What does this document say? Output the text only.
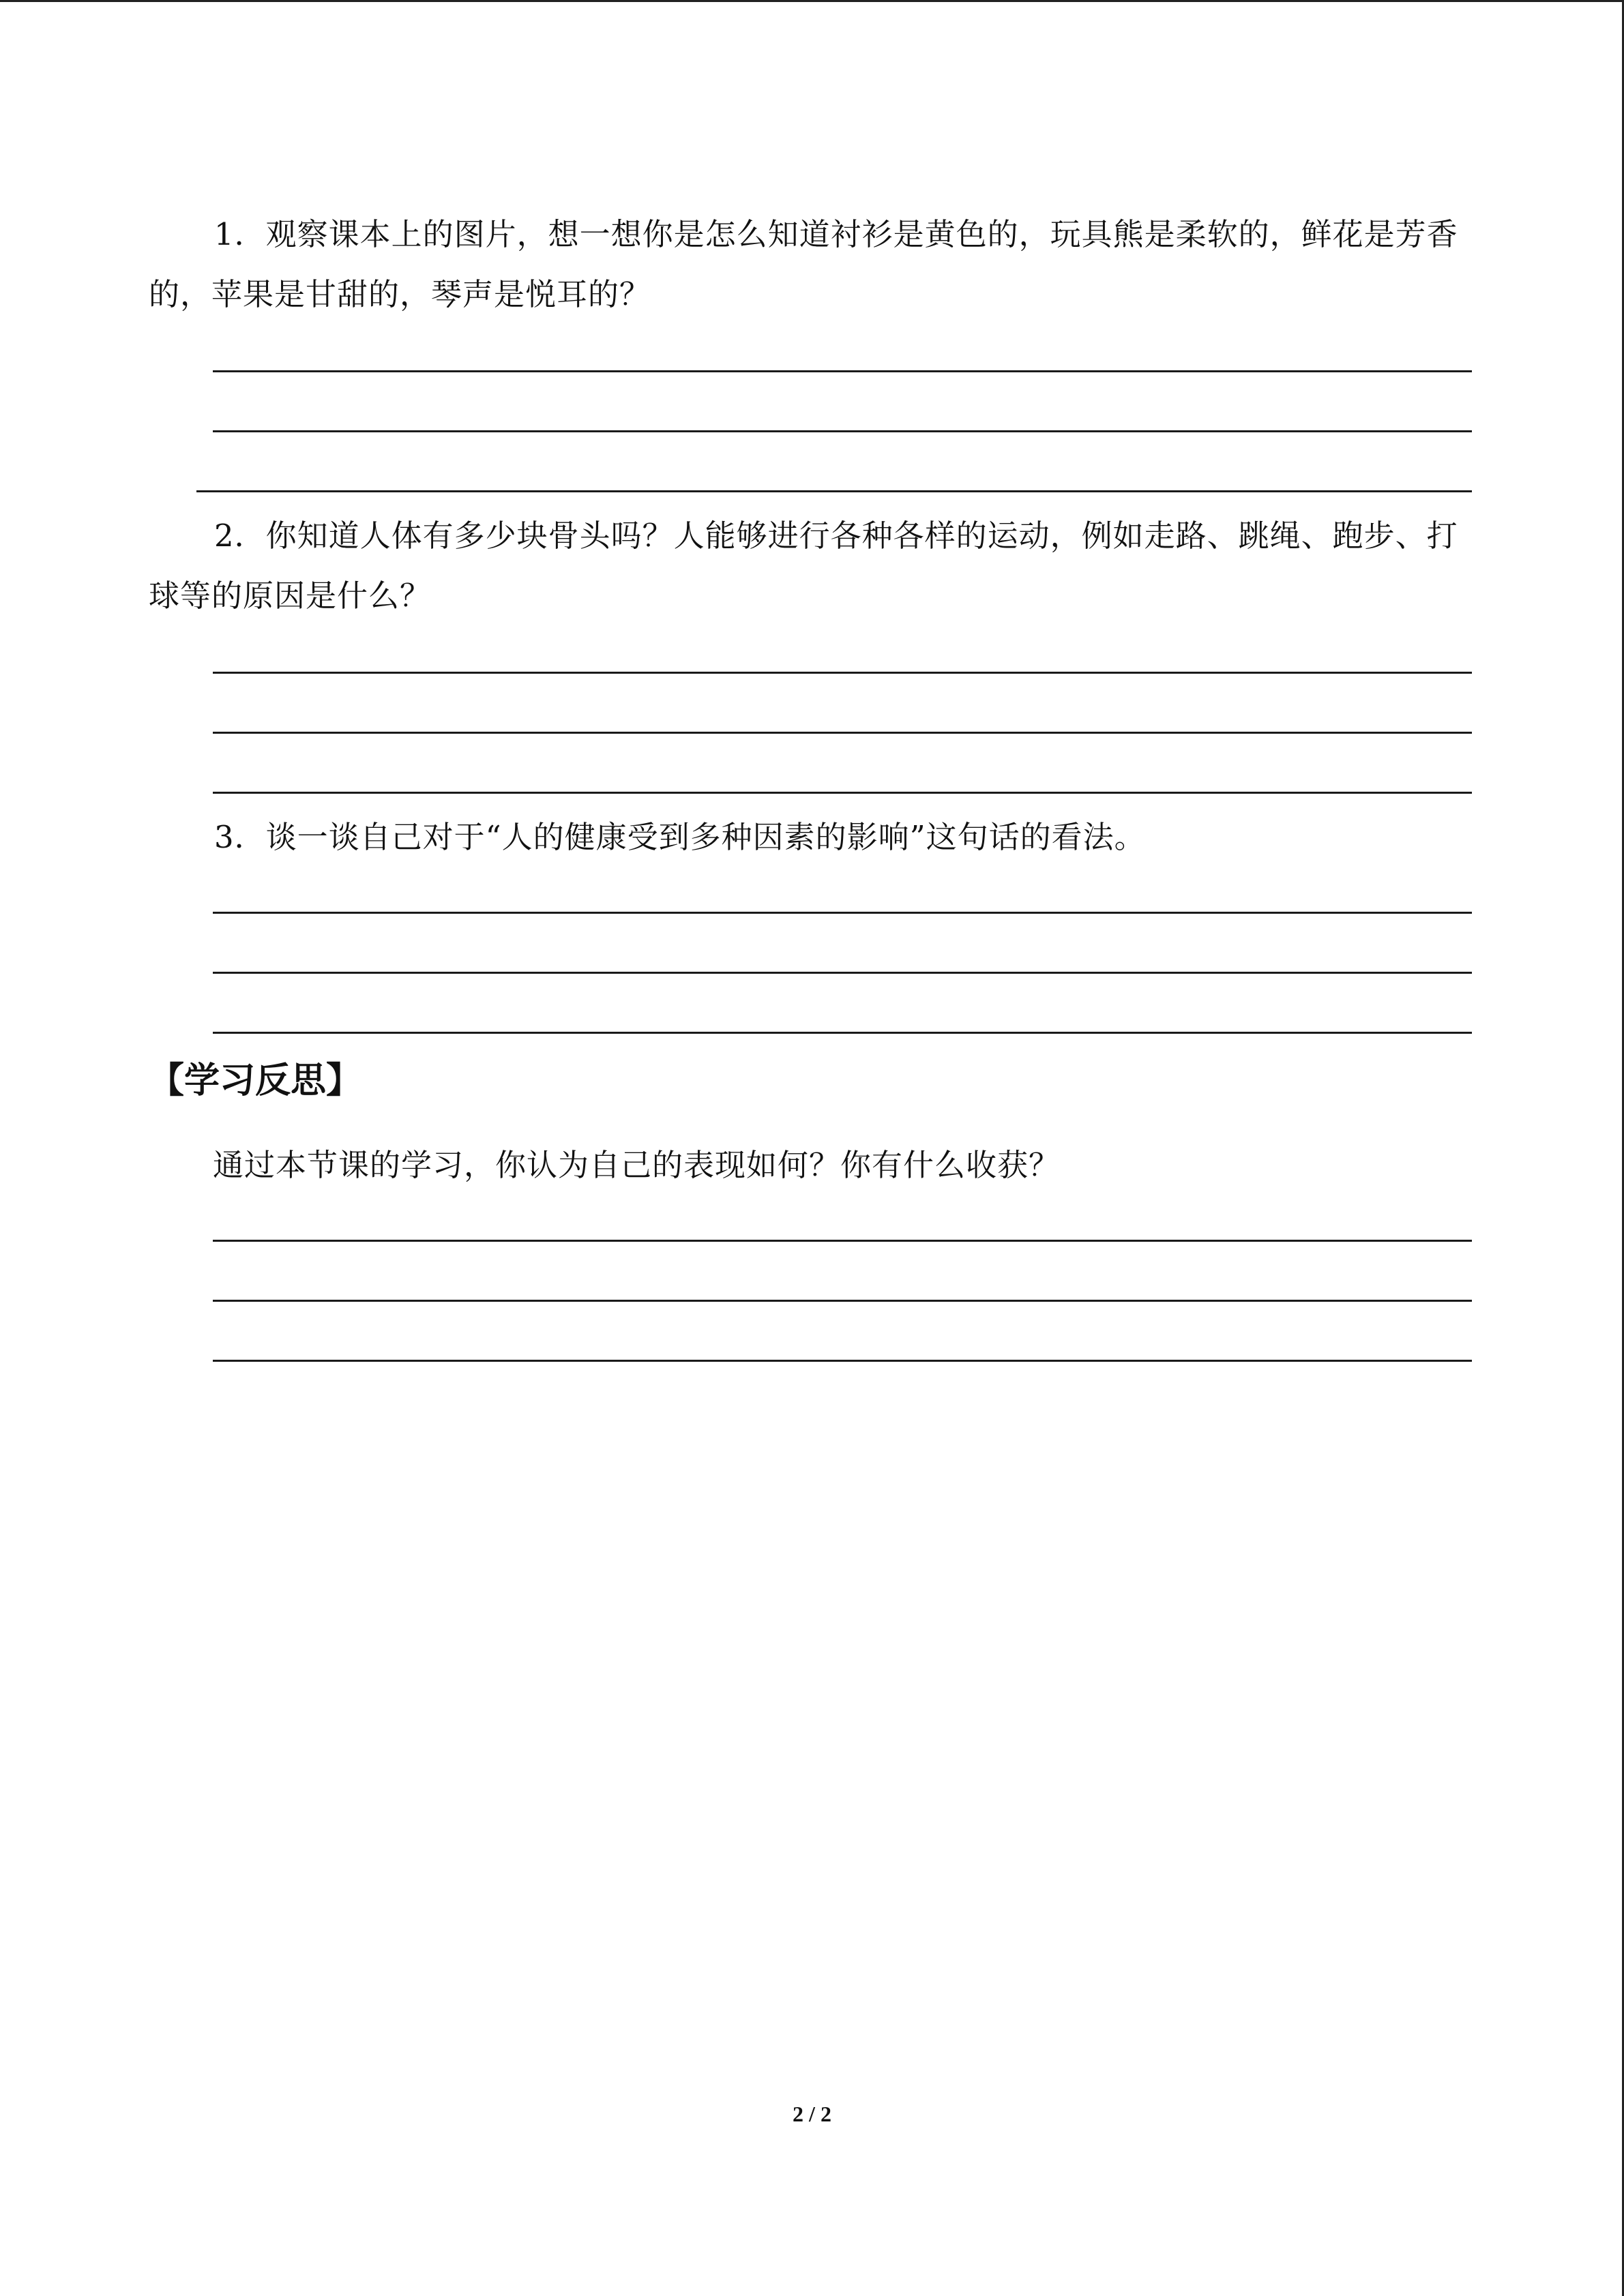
1．观察课本上的图片，想一想你是怎么知道衬衫是黄色的，玩具熊是柔软的，鲜花是芳香的，苹果是甘甜的，琴声是悦耳的？

2．你知道人体有多少块骨头吗？人能够进行各种各样的运动，例如走路、跳绳、跑步、打球等的原因是什么？

3．谈一谈自己对于“人的健康受到多种因素的影响”这句话的看法。

【学习反思】

通过本节课的学习，你认为自己的表现如何？你有什么收获？

2 / 2
